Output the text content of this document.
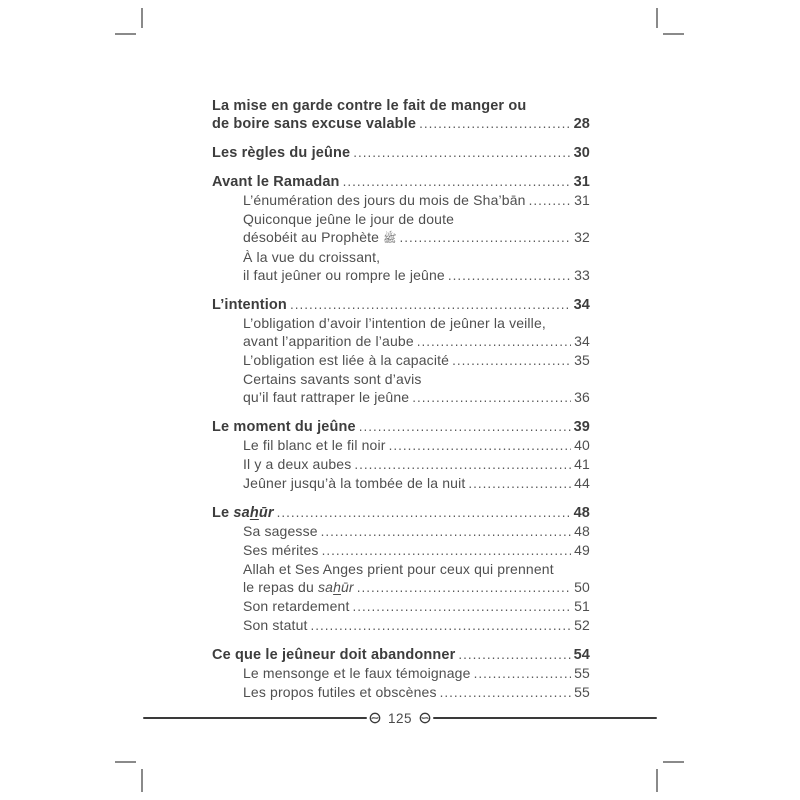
La mise en garde contre le fait de manger ou
de boire sans excuse valable .....	28
Les règles du jeûne .....	30
Avant le Ramadan .....	31
L’énumération des jours du mois de Sha’bān .....	31
Quiconque jeûne le jour de doute
désobéit au Prophète ﷺ .....	32
À la vue du croissant,
il faut jeûner ou rompre le jeûne .....	33
L’intention .....	34
L’obligation d’avoir l’intention de jeûner la veille,
avant l’apparition de l’aube .....	34
L’obligation est liée à la capacité .....	35
Certains savants sont d’avis
qu’il faut rattraper le jeûne .....	36
Le moment du jeûne .....	39
Le fil blanc et le fil noir .....	40
Il y a deux aubes .....	41
Jeûner jusqu’à la tombée de la nuit .....	44
Le sahūr .....	48
Sa sagesse .....	48
Ses mérites .....	49
Allah et Ses Anges prient pour ceux qui prennent
le repas du sahūr .....	50
Son retardement .....	51
Son statut .....	52
Ce que le jeûneur doit abandonner .....	54
Le mensonge et le faux témoignage .....	55
Les propos futiles et obscènes .....	55
125
